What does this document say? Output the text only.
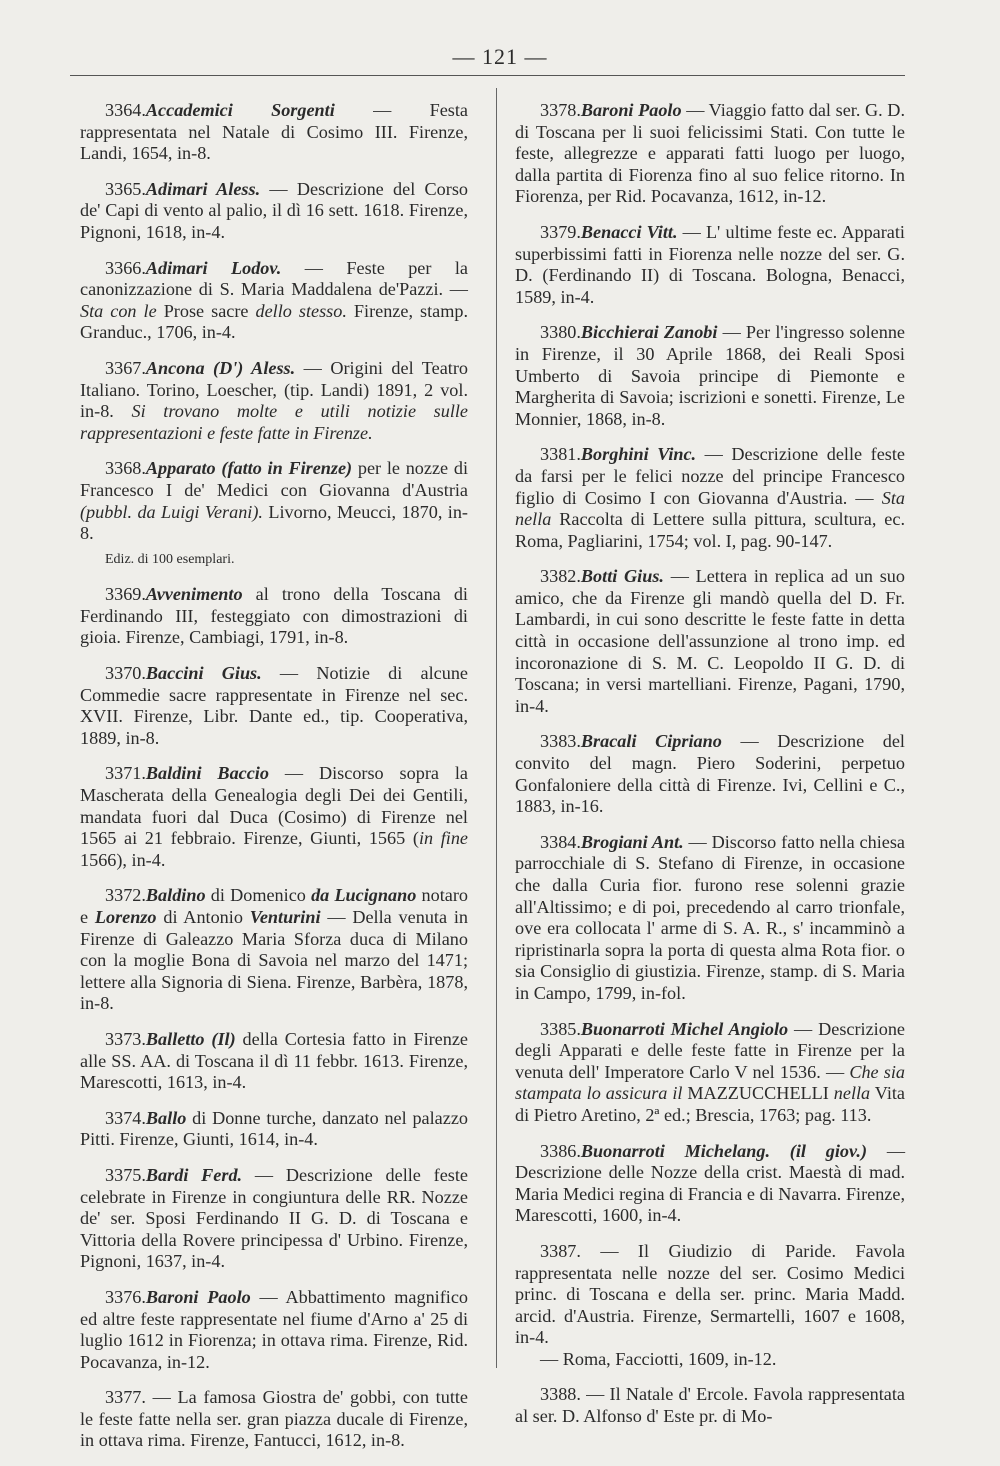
— 121 —
3364.Accademici Sorgenti — Festa rappresentata nel Natale di Cosimo III. Firenze, Landi, 1654, in-8.
3365.Adimari Aless. — Descrizione del Corso de' Capi di vento al palio, il dì 16 sett. 1618. Firenze, Pignoni, 1618, in-4.
3366.Adimari Lodov. — Feste per la canonizzazione di S. Maria Maddalena de'Pazzi. — Sta con le Prose sacre dello stesso. Firenze, stamp. Granduc., 1706, in-4.
3367.Ancona (D') Aless. — Origini del Teatro Italiano. Torino, Loescher, (tip. Landi) 1891, 2 vol. in-8. Si trovano molte e utili notizie sulle rappresentazioni e feste fatte in Firenze.
3368.Apparato (fatto in Firenze) per le nozze di Francesco I de' Medici con Giovanna d'Austria (pubbl. da Luigi Verani). Livorno, Meucci, 1870, in-8.
Ediz. di 100 esemplari.
3369.Avvenimento al trono della Toscana di Ferdinando III, festeggiato con dimostrazioni di gioia. Firenze, Cambiagi, 1791, in-8.
3370.Baccini Gius. — Notizie di alcune Commedie sacre rappresentate in Firenze nel sec. XVII. Firenze, Libr. Dante ed., tip. Cooperativa, 1889, in-8.
3371.Baldini Baccio — Discorso sopra la Mascherata della Genealogia degli Dei dei Gentili, mandata fuori dal Duca (Cosimo) di Firenze nel 1565 ai 21 febbraio. Firenze, Giunti, 1565 (in fine 1566), in-4.
3372.Baldino di Domenico da Lucignano notaro e Lorenzo di Antonio Venturini — Della venuta in Firenze di Galeazzo Maria Sforza duca di Milano con la moglie Bona di Savoia nel marzo del 1471; lettere alla Signoria di Siena. Firenze, Barbèra, 1878, in-8.
3373.Balletto (Il) della Cortesia fatto in Firenze alle SS. AA. di Toscana il dì 11 febbr. 1613. Firenze, Marescotti, 1613, in-4.
3374.Ballo di Donne turche, danzato nel palazzo Pitti. Firenze, Giunti, 1614, in-4.
3375.Bardi Ferd. — Descrizione delle feste celebrate in Firenze in congiuntura delle RR. Nozze de' ser. Sposi Ferdinando II G. D. di Toscana e Vittoria della Rovere principessa d' Urbino. Firenze, Pignoni, 1637, in-4.
3376.Baroni Paolo — Abbattimento magnifico ed altre feste rappresentate nel fiume d'Arno a' 25 di luglio 1612 in Fiorenza; in ottava rima. Firenze, Rid. Pocavanza, in-12.
3377. — La famosa Giostra de' gobbi, con tutte le feste fatte nella ser. gran piazza ducale di Firenze, in ottava rima. Firenze, Fantucci, 1612, in-8.
3378.Baroni Paolo — Viaggio fatto dal ser. G. D. di Toscana per li suoi felicissimi Stati. Con tutte le feste, allegrezze e apparati fatti luogo per luogo, dalla partita di Fiorenza fino al suo felice ritorno. In Fiorenza, per Rid. Pocavanza, 1612, in-12.
3379.Benacci Vitt. — L' ultime feste ec. Apparati superbissimi fatti in Fiorenza nelle nozze del ser. G. D. (Ferdinando II) di Toscana. Bologna, Benacci, 1589, in-4.
3380.Bicchierai Zanobi — Per l'ingresso solenne in Firenze, il 30 Aprile 1868, dei Reali Sposi Umberto di Savoia principe di Piemonte e Margherita di Savoia; iscrizioni e sonetti. Firenze, Le Monnier, 1868, in-8.
3381.Borghini Vinc. — Descrizione delle feste da farsi per le felici nozze del principe Francesco figlio di Cosimo I con Giovanna d'Austria. — Sta nella Raccolta di Lettere sulla pittura, scultura, ec. Roma, Pagliarini, 1754; vol. I, pag. 90-147.
3382.Botti Gius. — Lettera in replica ad un suo amico, che da Firenze gli mandò quella del D. Fr. Lambardi, in cui sono descritte le feste fatte in detta città in occasione dell'assunzione al trono imp. ed incoronazione di S. M. C. Leopoldo II G. D. di Toscana; in versi martelliani. Firenze, Pagani, 1790, in-4.
3383.Bracali Cipriano — Descrizione del convito del magn. Piero Soderini, perpetuo Gonfaloniere della città di Firenze. Ivi, Cellini e C., 1883, in-16.
3384.Brogiani Ant. — Discorso fatto nella chiesa parrocchiale di S. Stefano di Firenze, in occasione che dalla Curia fior. furono rese solenni grazie all'Altissimo; e di poi, precedendo al carro trionfale, ove era collocata l' arme di S. A. R., s' incamminò a ripristinarla sopra la porta di questa alma Rota fior. o sia Consiglio di giustizia. Firenze, stamp. di S. Maria in Campo, 1799, in-fol.
3385.Buonarroti Michel Angiolo — Descrizione degli Apparati e delle feste fatte in Firenze per la venuta dell' Imperatore Carlo V nel 1536. — Che sia stampata lo assicura il MAZZUCCHELLI nella Vita di Pietro Aretino, 2ª ed.; Brescia, 1763; pag. 113.
3386.Buonarroti Michelang. (il giov.) — Descrizione delle Nozze della crist. Maestà di mad. Maria Medici regina di Francia e di Navarra. Firenze, Marescotti, 1600, in-4.
3387. — Il Giudizio di Paride. Favola rappresentata nelle nozze del ser. Cosimo Medici princ. di Toscana e della ser. princ. Maria Madd. arcid. d'Austria. Firenze, Sermartelli, 1607 e 1608, in-4.
— Roma, Facciotti, 1609, in-12.
3388. — Il Natale d' Ercole. Favola rappresentata al ser. D. Alfonso d' Este pr. di Mo-
